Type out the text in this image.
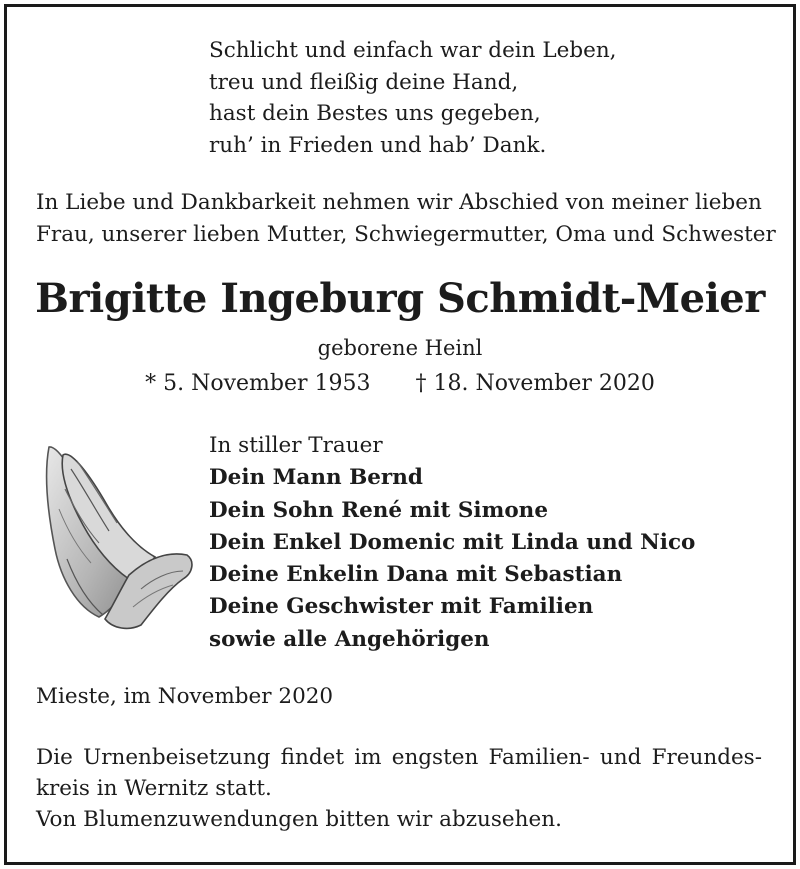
Schlicht und einfach war dein Leben,
treu und fleißig deine Hand,
hast dein Bestes uns gegeben,
ruh’ in Frieden und hab’ Dank.
In Liebe und Dankbarkeit nehmen wir Abschied von meiner lieben
Frau, unserer lieben Mutter, Schwiegermutter, Oma und Schwester
Brigitte Ingeburg Schmidt-Meier
geborene Heinl
* 5. November 1953 † 18. November 2020
In stiller Trauer
Dein Mann Bernd
Dein Sohn René mit Simone
Dein Enkel Domenic mit Linda und Nico
Deine Enkelin Dana mit Sebastian
Deine Geschwister mit Familien
sowie alle Angehörigen
Mieste, im November 2020
Die Urnenbeisetzung findet im engsten Familien- und Freundes-
kreis in Wernitz statt.
Von Blumenzuwendungen bitten wir abzusehen.
